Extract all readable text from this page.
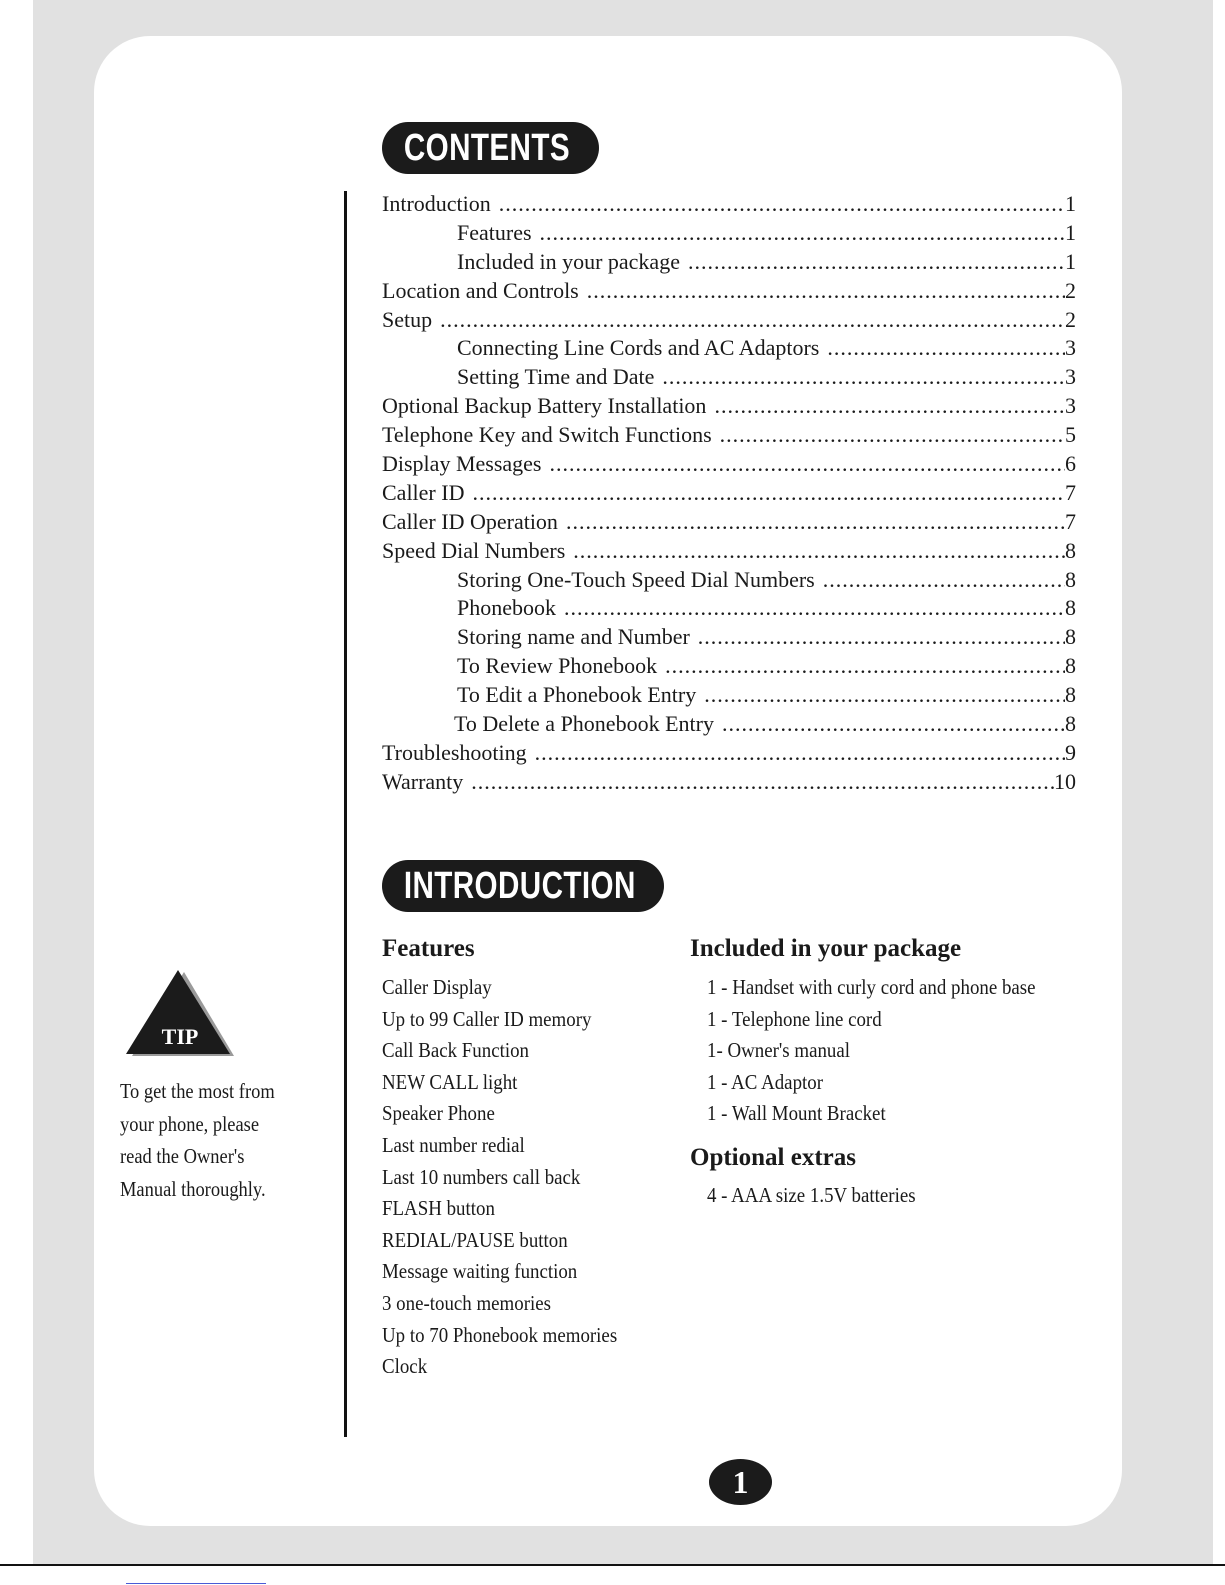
CONTENTS
Introduction .....	1
Features .....	1
Included in your package .....	1
Location and Controls .....	2
Setup .....	2
Connecting Line Cords and AC Adaptors .....	3
Setting Time and Date .....	3
Optional Backup Battery Installation .....	3
Telephone Key and Switch Functions .....	5
Display Messages .....	6
Caller ID .....	7
Caller ID Operation .....	7
Speed Dial Numbers .....	8
Storing One-Touch Speed Dial Numbers .....	8
Phonebook .....	8
Storing name and Number .....	8
To Review Phonebook .....	8
To Edit a Phonebook Entry .....	8
To Delete a Phonebook Entry .....	8
Troubleshooting .....	9
Warranty .....	10
INTRODUCTION
Features
Caller Display
Up to 99 Caller ID memory
Call Back Function
NEW CALL light
Speaker Phone
Last number redial
Last 10 numbers call back
FLASH button
REDIAL/PAUSE button
Message waiting function
3 one-touch memories
Up to 70 Phonebook memories
Clock
Included in your package
1 - Handset with curly cord and phone base
1 - Telephone line cord
1- Owner's manual
1 - AC Adaptor
1 - Wall Mount Bracket
Optional extras
4 - AAA size 1.5V batteries
TIP
To get the most from
your phone, please
read the Owner's
Manual thoroughly.
1
